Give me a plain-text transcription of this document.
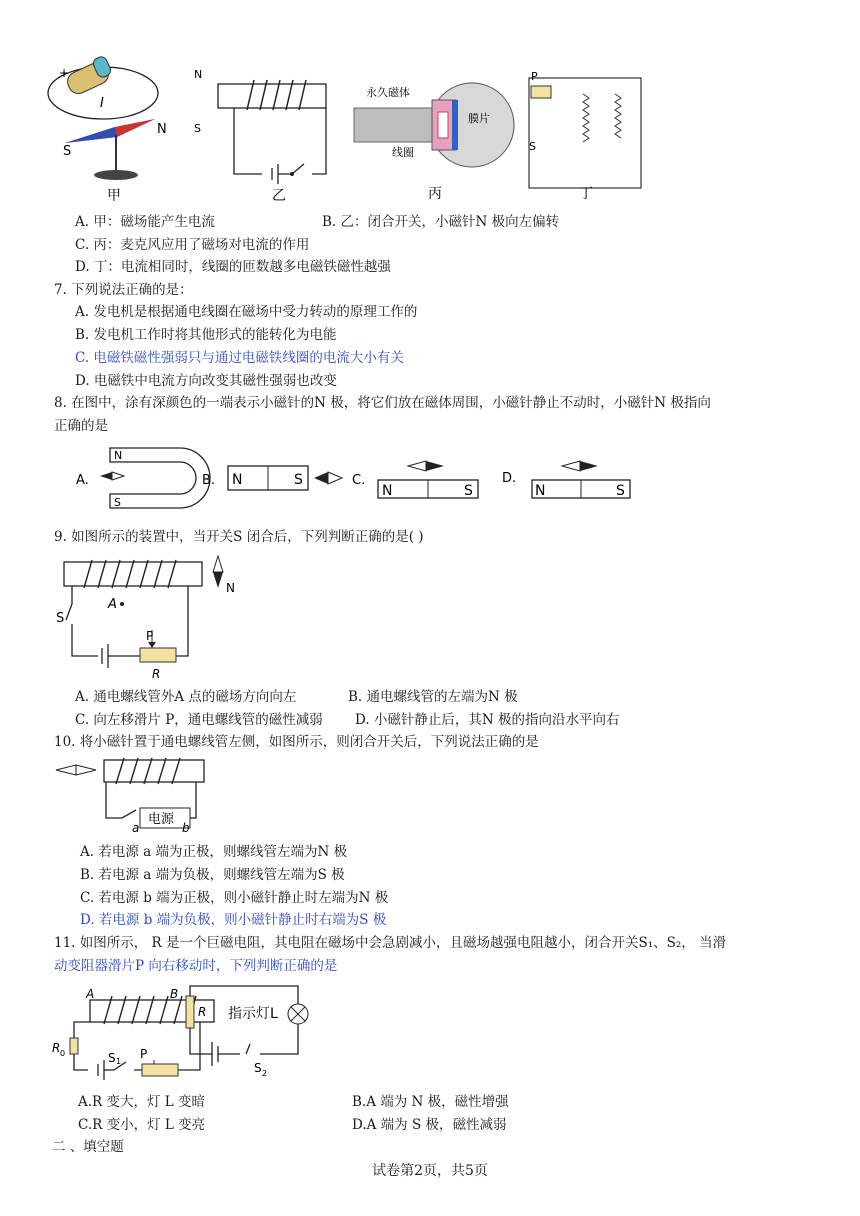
+
I
N
S
甲
N
S
乙
永久磁体
膜片
线圈
丙
P
S
丁
A. 甲：磁场能产生电流	B. 乙：闭合开关，小磁针N 极向左偏转
C. 丙：麦克风应用了磁场对电流的作用
D. 丁：电流相同时，线圈的匝数越多电磁铁磁性越强
7. 下列说法正确的是：
A. 发电机是根据通电线圈在磁场中受力转动的原理工作的
B. 发电机工作时将其他形式的能转化为电能
C. 电磁铁磁性强弱只与通过电磁铁线圈的电流大小有关
D. 电磁铁中电流方向改变其磁性强弱也改变
8. 在图中，涂有深颜色的一端表示小磁针的N 极，将它们放在磁体周围，小磁针静止不动时，小磁针N 极指向
正确的是
A.
N
S
B. N	S	C.
N	S
D.
N	S
9. 如图所示的装置中，当开关S 闭合后，下列判断正确的是( )
N
S
A
P
R
A. 通电螺线管外A 点的磁场方向向左	B. 通电螺线管的左端为N 极
C. 向左移滑片 P，通电螺线管的磁性减弱 D. 小磁针静止后，其N 极的指向沿水平向右
10. 将小磁针置于通电螺线管左侧，如图所示，则闭合开关后，下列说法正确的是
电源
a	b
A. 若电源 a 端为正极，则螺线管左端为N 极
B. 若电源 a 端为负极，则螺线管左端为S 极
C. 若电源 b 端为正极，则小磁针静止时左端为N 极
D. 若电源 b 端为负极，则小磁针静止时右端为S 极
11. 如图所示， R 是一个巨磁电阻，其电阻在磁场中会急剧减小，且磁场越强电阻越小，闭合开关S₁、S₂， 当滑
动变阻器滑片P 向右移动时，下列判断正确的是
A	B
R 0	S 1
P
R 指示灯L
S 2
A.R 变大，灯 L 变暗	B.A 端为 N 极，磁性增强
C.R 变小，灯 L 变亮	D.A 端为 S 极，磁性减弱
二 、填空题
试卷第2页，共5页
